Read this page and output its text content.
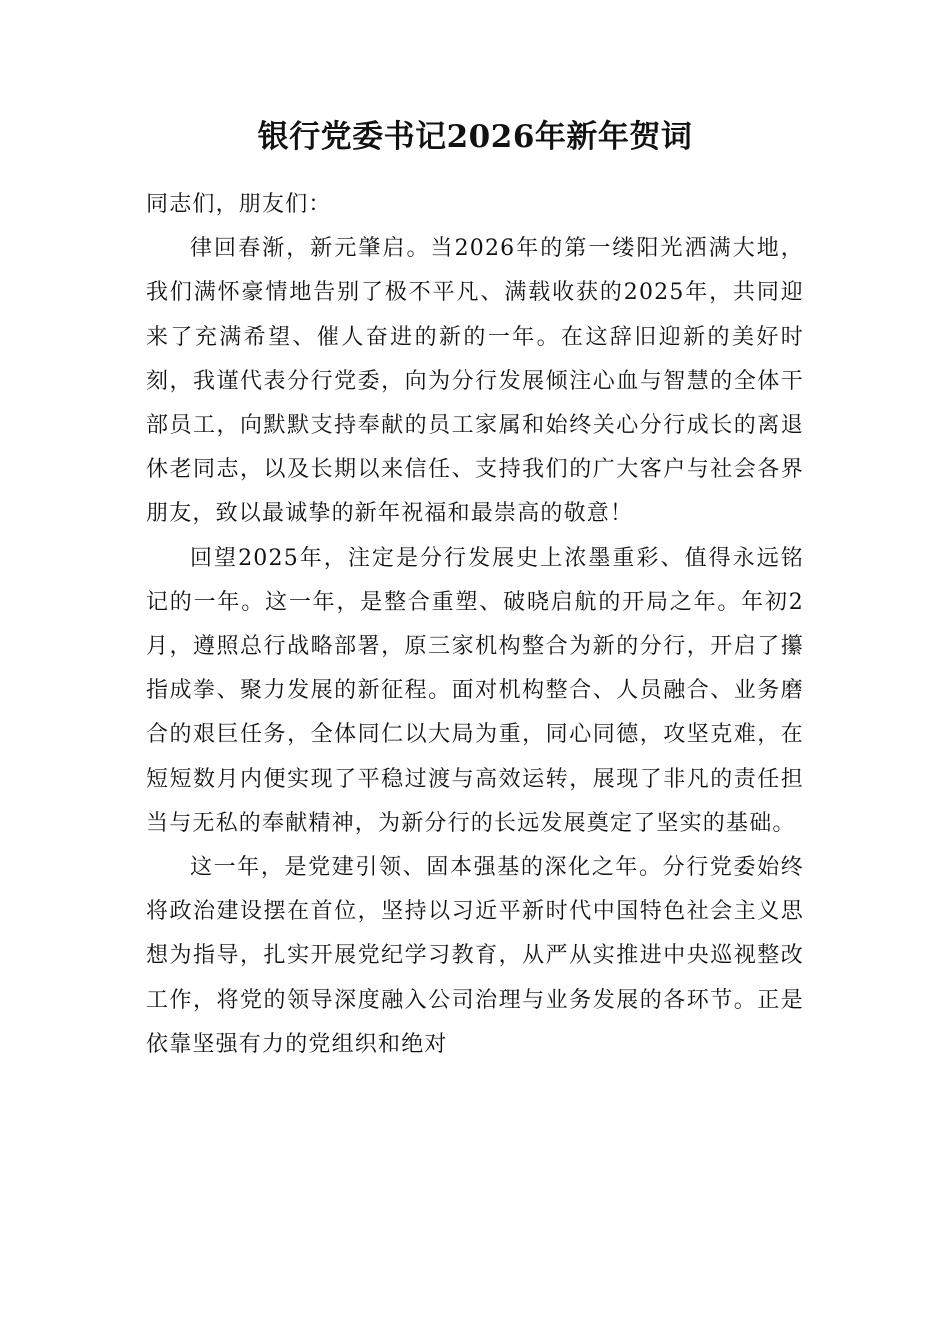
银行党委书记2026年新年贺词

同志们，朋友们：

律回春渐，新元肇启。当2026年的第一缕阳光洒满大地，我们满怀豪情地告别了极不平凡、满载收获的2025年，共同迎来了充满希望、催人奋进的新的一年。在这辞旧迎新的美好时刻，我谨代表分行党委，向为分行发展倾注心血与智慧的全体干部员工，向默默支持奉献的员工家属和始终关心分行成长的离退休老同志，以及长期以来信任、支持我们的广大客户与社会各界朋友，致以最诚挚的新年祝福和最崇高的敬意！

回望2025年，注定是分行发展史上浓墨重彩、值得永远铭记的一年。这一年，是整合重塑、破晓启航的开局之年。年初2月，遵照总行战略部署，原三家机构整合为新的分行，开启了攥指成拳、聚力发展的新征程。面对机构整合、人员融合、业务磨合的艰巨任务，全体同仁以大局为重，同心同德，攻坚克难，在短短数月内便实现了平稳过渡与高效运转，展现了非凡的责任担当与无私的奉献精神，为新分行的长远发展奠定了坚实的基础。

这一年，是党建引领、固本强基的深化之年。分行党委始终将政治建设摆在首位，坚持以习近平新时代中国特色社会主义思想为指导，扎实开展党纪学习教育，从严从实推进中央巡视整改工作，将党的领导深度融入公司治理与业务发展的各环节。正是依靠坚强有力的党组织和绝对
